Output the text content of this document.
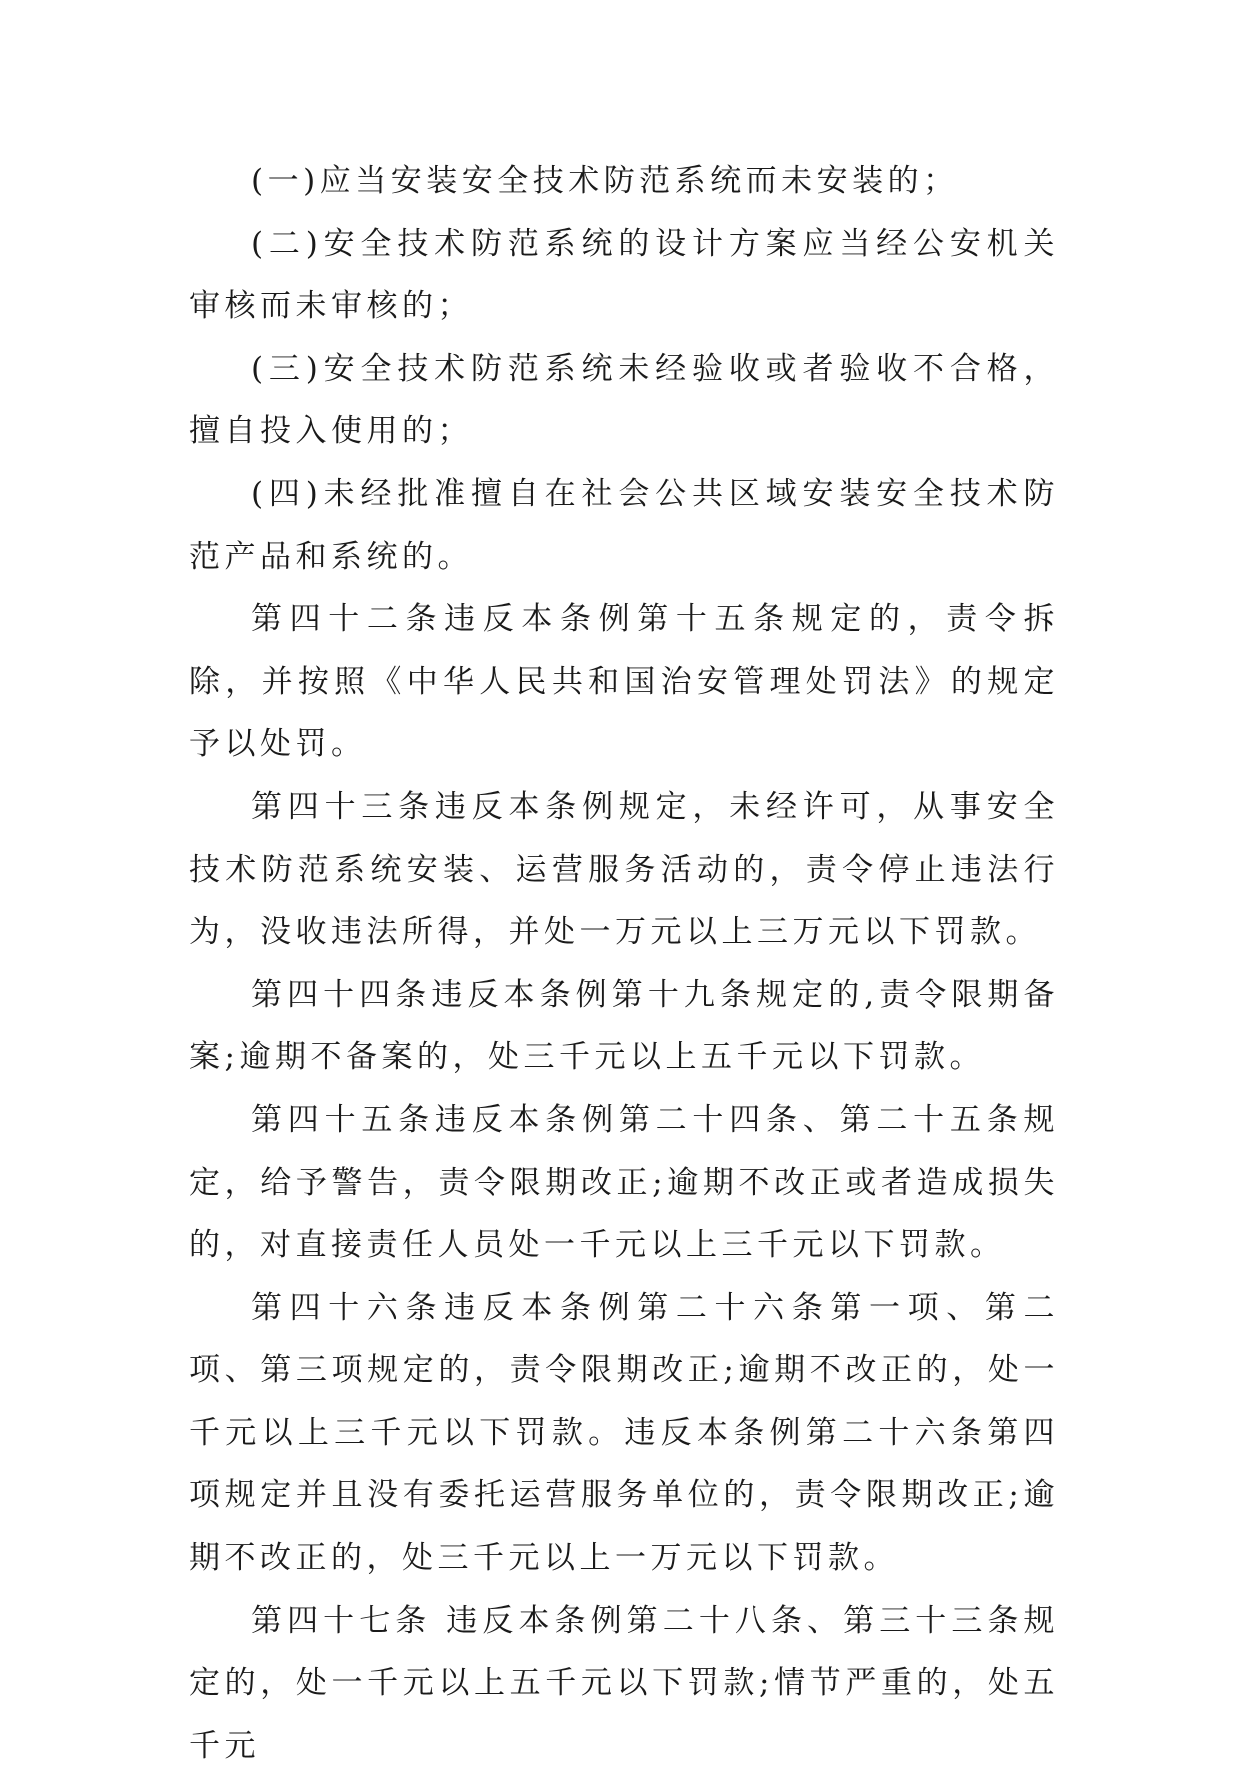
(一)应当安装安全技术防范系统而未安装的；

(二)安全技术防范系统的设计方案应当经公安机关审核而未审核的；

(三)安全技术防范系统未经验收或者验收不合格，擅自投入使用的；

(四)未经批准擅自在社会公共区域安装安全技术防范产品和系统的。

第四十二条违反本条例第十五条规定的，责令拆除，并按照《中华人民共和国治安管理处罚法》的规定予以处罚。

第四十三条违反本条例规定，未经许可，从事安全技术防范系统安装、运营服务活动的，责令停止违法行为，没收违法所得，并处一万元以上三万元以下罚款。

第四十四条违反本条例第十九条规定的,责令限期备案;逾期不备案的，处三千元以上五千元以下罚款。

第四十五条违反本条例第二十四条、第二十五条规定，给予警告，责令限期改正;逾期不改正或者造成损失的，对直接责任人员处一千元以上三千元以下罚款。

第四十六条违反本条例第二十六条第一项、第二项、第三项规定的，责令限期改正;逾期不改正的，处一千元以上三千元以下罚款。违反本条例第二十六条第四项规定并且没有委托运营服务单位的，责令限期改正;逾期不改正的，处三千元以上一万元以下罚款。

第四十七条 违反本条例第二十八条、第三十三条规定的，处一千元以上五千元以下罚款;情节严重的，处五千元
